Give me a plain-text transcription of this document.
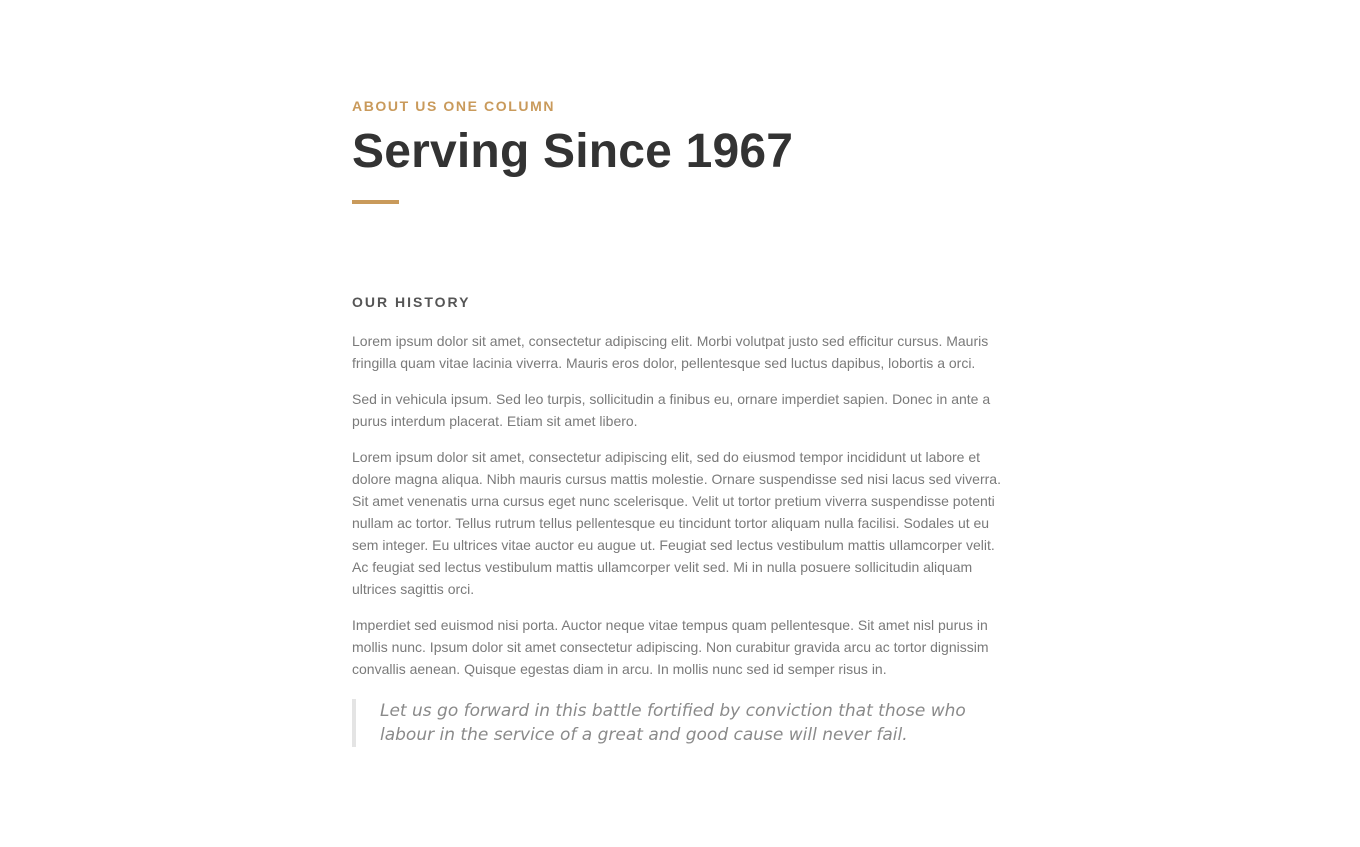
ABOUT US ONE COLUMN
Serving Since 1967
OUR HISTORY

Lorem ipsum dolor sit amet, consectetur adipiscing elit. Morbi volutpat justo sed efficitur cursus. Mauris fringilla quam vitae lacinia viverra. Mauris eros dolor, pellentesque sed luctus dapibus, lobortis a orci.

Sed in vehicula ipsum. Sed leo turpis, sollicitudin a finibus eu, ornare imperdiet sapien. Donec in ante a purus interdum placerat. Etiam sit amet libero.

Lorem ipsum dolor sit amet, consectetur adipiscing elit, sed do eiusmod tempor incididunt ut labore et dolore magna aliqua. Nibh mauris cursus mattis molestie. Ornare suspendisse sed nisi lacus sed viverra. Sit amet venenatis urna cursus eget nunc scelerisque. Velit ut tortor pretium viverra suspendisse potenti nullam ac tortor. Tellus rutrum tellus pellentesque eu tincidunt tortor aliquam nulla facilisi. Sodales ut eu sem integer. Eu ultrices vitae auctor eu augue ut. Feugiat sed lectus vestibulum mattis ullamcorper velit. Ac feugiat sed lectus vestibulum mattis ullamcorper velit sed. Mi in nulla posuere sollicitudin aliquam ultrices sagittis orci.

Imperdiet sed euismod nisi porta. Auctor neque vitae tempus quam pellentesque. Sit amet nisl purus in mollis nunc. Ipsum dolor sit amet consectetur adipiscing. Non curabitur gravida arcu ac tortor dignissim convallis aenean. Quisque egestas diam in arcu. In mollis nunc sed id semper risus in.

Let us go forward in this battle fortified by conviction that those who labour in the service of a great and good cause will never fail.
